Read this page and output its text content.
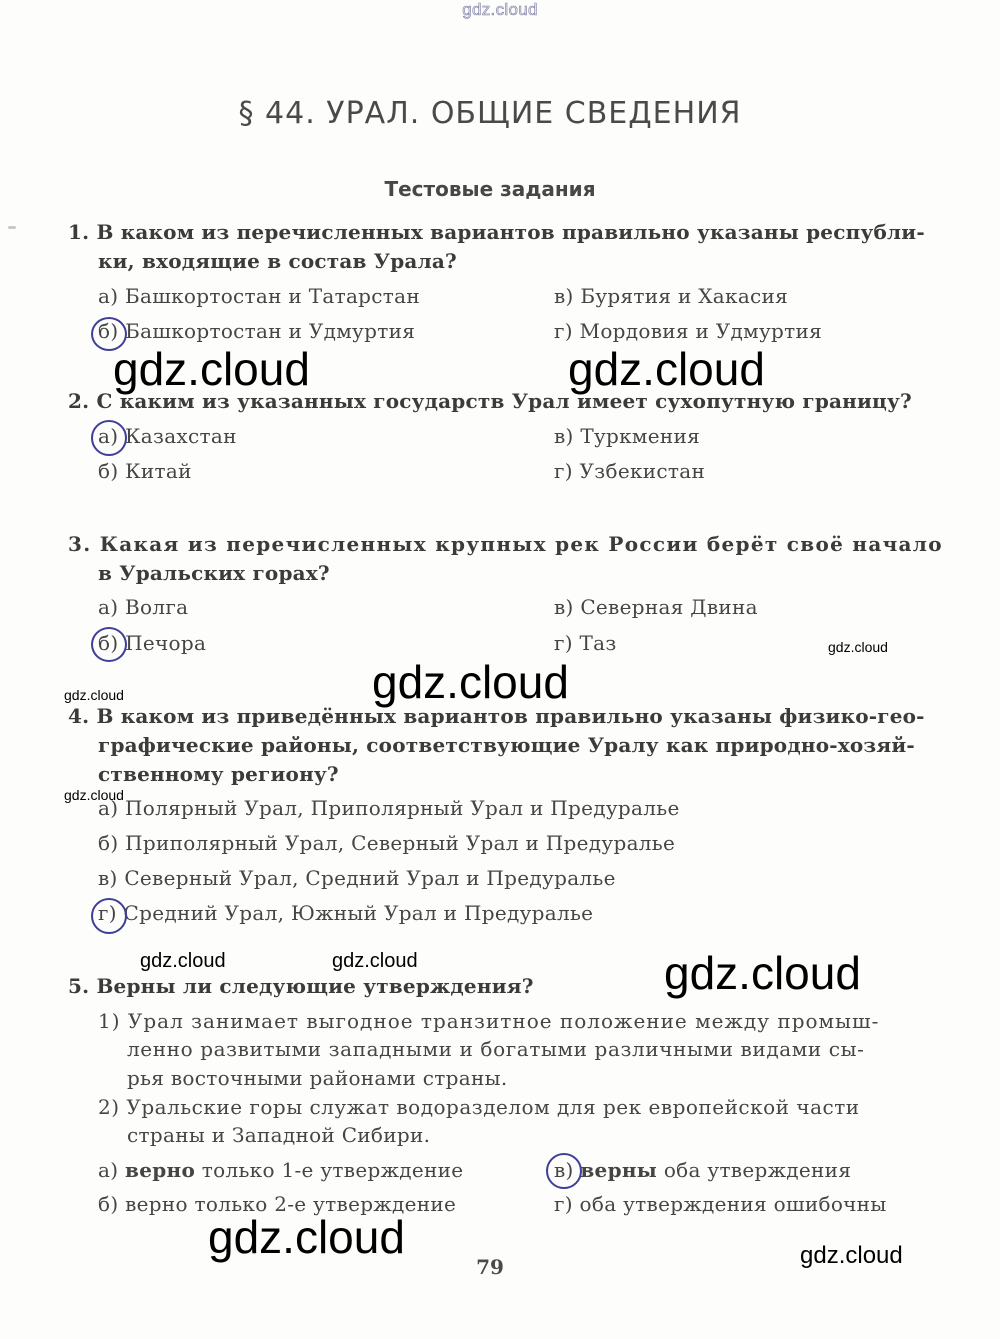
gdz.cloud
§ 44. УРАЛ. ОБЩИЕ СВЕДЕНИЯ
Тестовые задания
1. В каком из перечисленных вариантов правильно указаны республи-
ки, входящие в состав Урала?
а) Башкортостан и Татарстан
б) Башкортостан и Удмуртия
в) Бурятия и Хакасия
г) Мордовия и Удмуртия
2. С каким из указанных государств Урал имеет сухопутную границу?
а) Казахстан
б) Китай
в) Туркмения
г) Узбекистан
3. Какая из перечисленных крупных рек России берёт своё начало
в Уральских горах?
а) Волга
б) Печора
в) Северная Двина
г) Таз
4. В каком из приведённых вариантов правильно указаны физико-гео-
графические районы, соответствующие Уралу как природно-хозяй-
ственному региону?
а) Полярный Урал, Приполярный Урал и Предуралье
б) Приполярный Урал, Северный Урал и Предуралье
в) Северный Урал, Средний Урал и Предуралье
г) Средний Урал, Южный Урал и Предуралье
5. Верны ли следующие утверждения?
1) Урал занимает выгодное транзитное положение между промыш-
ленно развитыми западными и богатыми различными видами сы-
рья восточными районами страны.
2) Уральские горы служат водоразделом для рек европейской части
страны и Западной Сибири.
а) верно только 1-е утверждение
б) верно только 2-е утверждение
в) верны оба утверждения
г) оба утверждения ошибочны
79
gdz.cloud	gdz.cloud
gdz.cloud
gdz.cloud
gdz.cloud
gdz.cloud
gdz.cloud	gdz.cloud	gdz.cloud
gdz.cloud	gdz.cloud
